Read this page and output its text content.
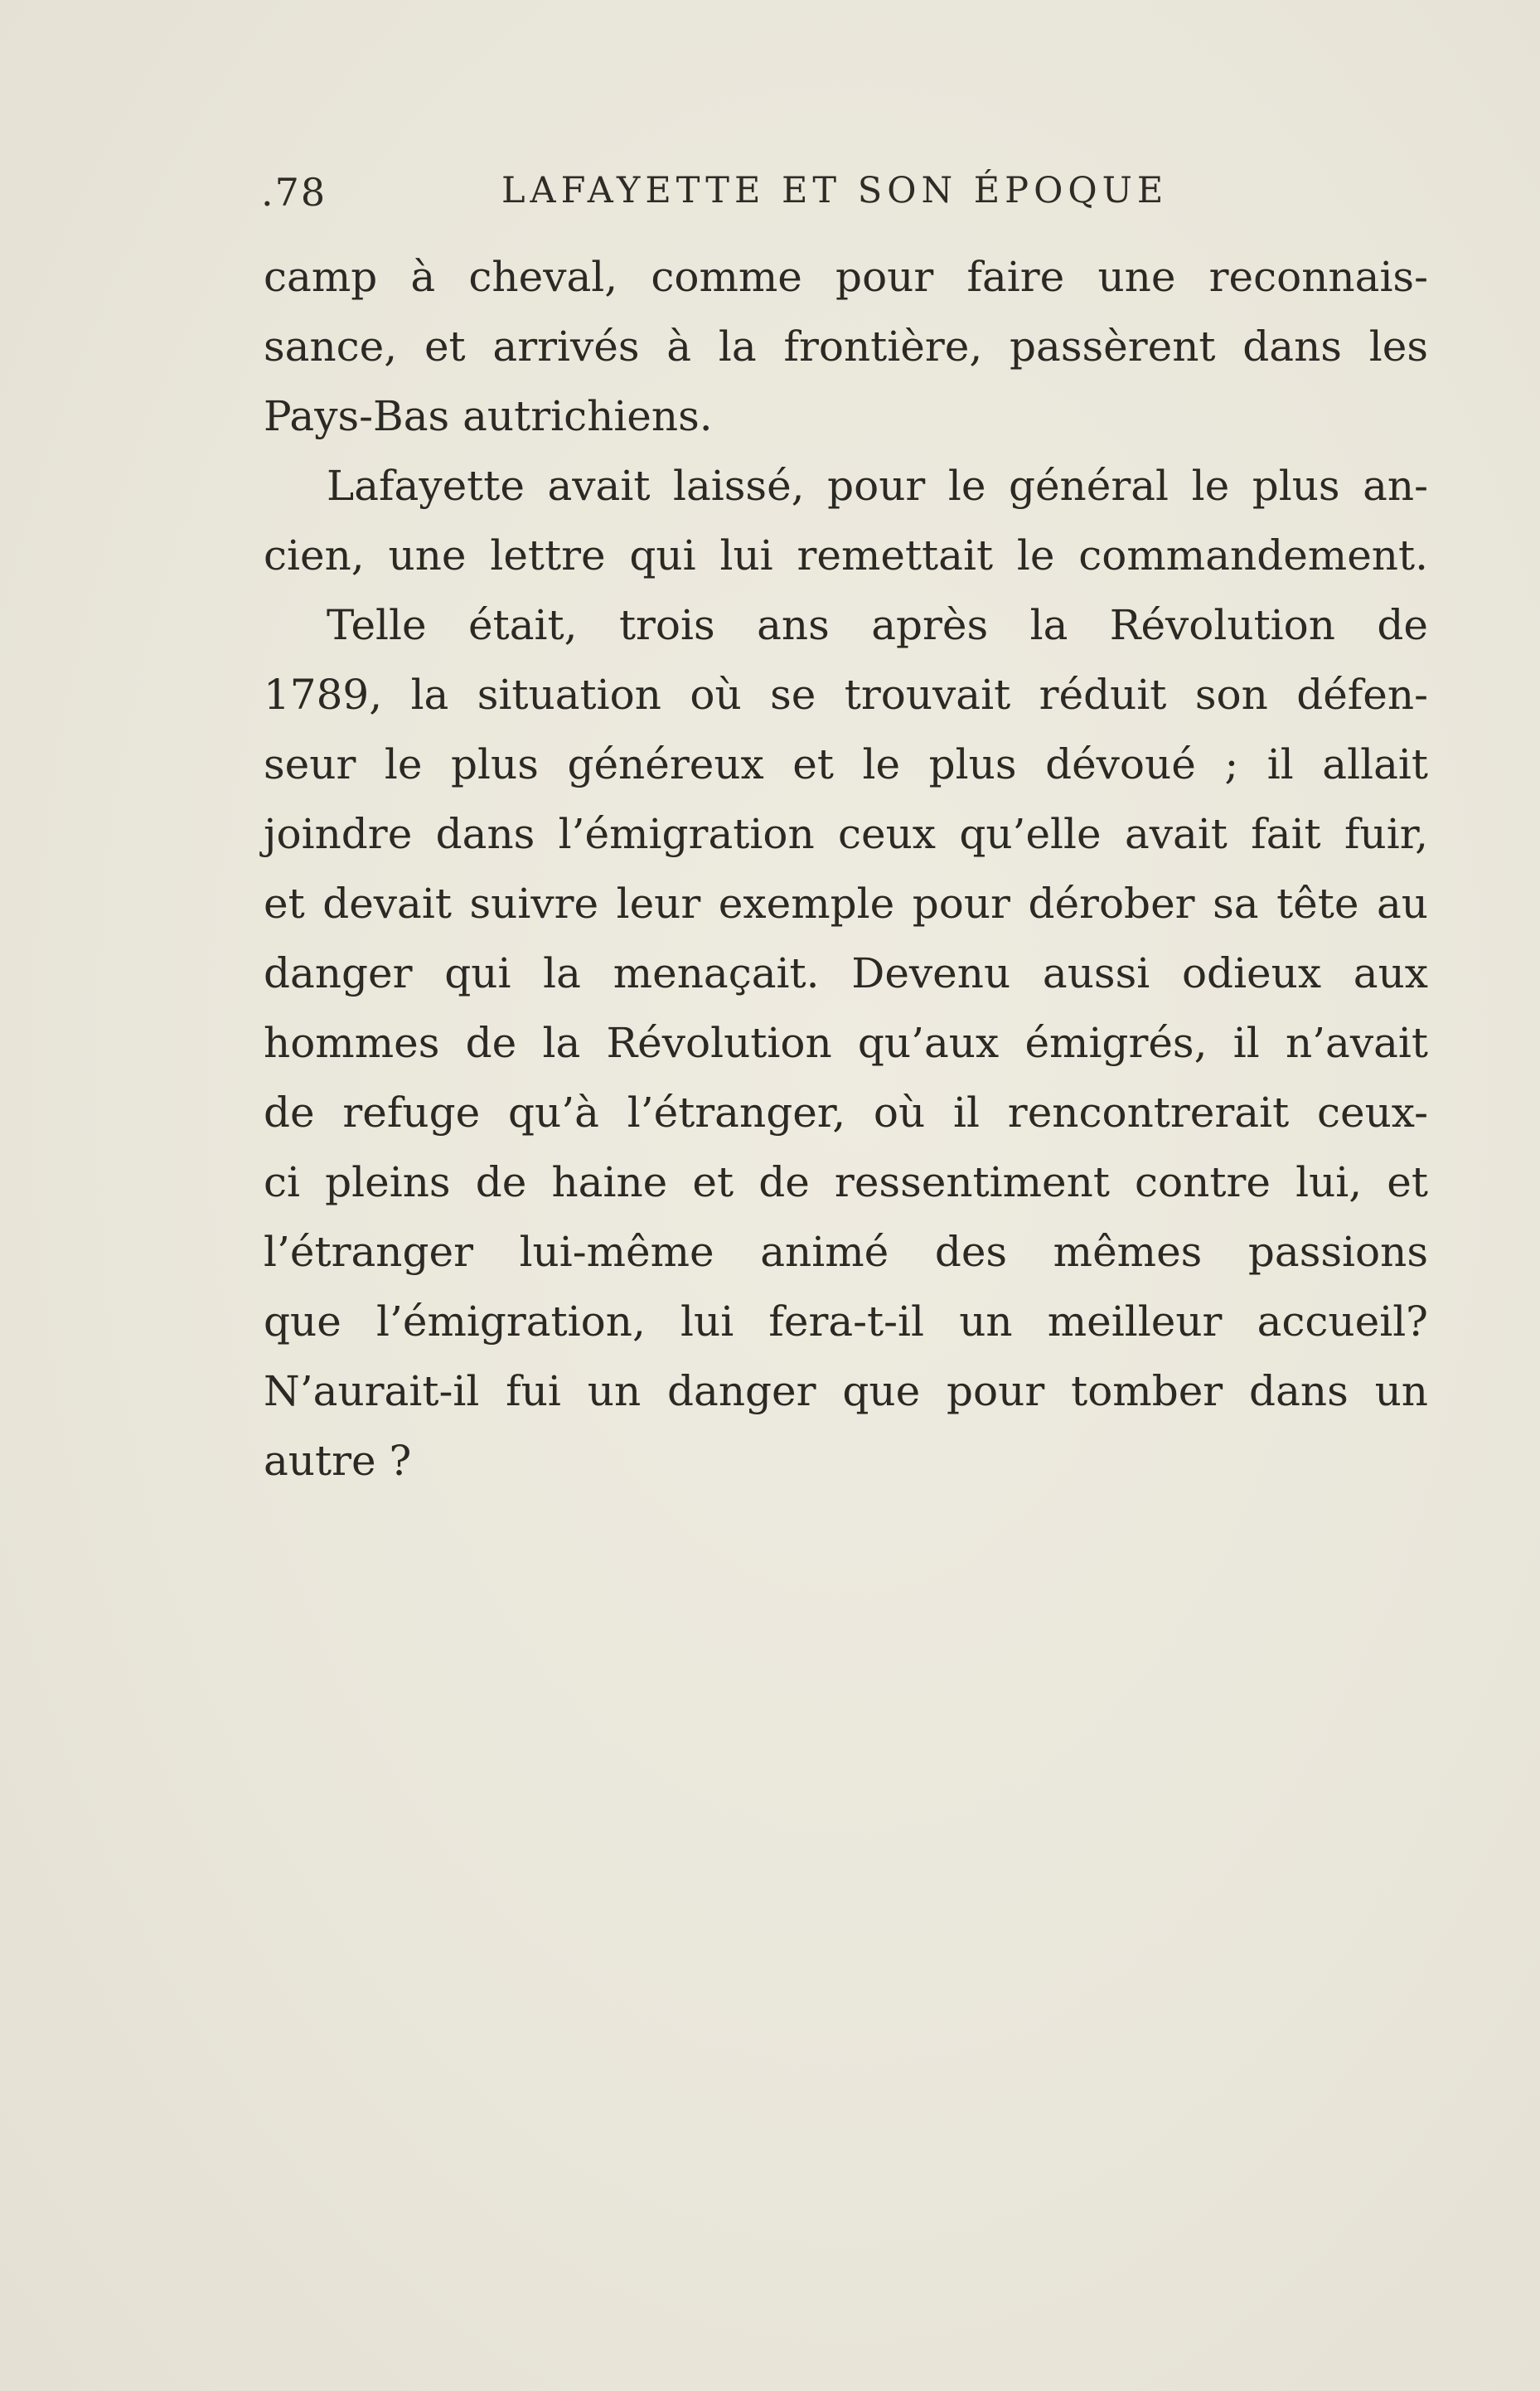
.78	LAFAYETTE ET SON ÉPOQUE
camp à cheval, comme pour faire une reconnais-
sance, et arrivés à la frontière, passèrent dans les
Pays-Bas autrichiens.
Lafayette avait laissé, pour le général le plus an-
cien, une lettre qui lui remettait le commandement.
Telle était, trois ans après la Révolution de
1789, la situation où se trouvait réduit son défen-
seur le plus généreux et le plus dévoué ; il allait
joindre dans l’émigration ceux qu’elle avait fait fuir,
et devait suivre leur exemple pour dérober sa tête au
danger qui la menaçait. Devenu aussi odieux aux
hommes de la Révolution qu’aux émigrés, il n’avait
de refuge qu’à l’étranger, où il rencontrerait ceux-
ci pleins de haine et de ressentiment contre lui, et
l’étranger lui-même animé des mêmes passions
que l’émigration, lui fera-t-il un meilleur accueil?
N’aurait-il fui un danger que pour tomber dans un
autre ?
